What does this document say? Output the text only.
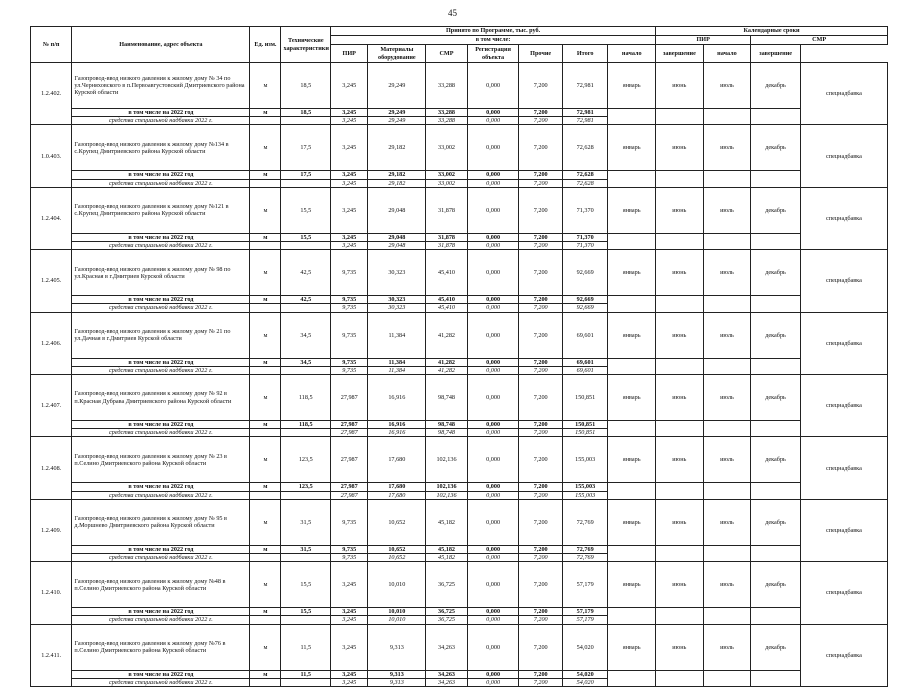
45
№ п/п	Наименование, адрес объекта	Ед. изм.	Технические характеристики	Принято по Программе, тыс. руб.							Календарные сроки			
				в том числе:							ПИР		СМР	
				ПИР	Материалы оборудование	СМР	Регистрация объекта	Прочие	Итого	начало	завершение	начало	завершение	
1.2.402.	Газопровод-ввод низкого давления к жилому дому № 34 по ул.Черняховского в п.Первоавгустовский Дмитриевского района Курской области	м	18,5	3,245	29,249	33,288	0,000	7,200	72,981	январь	июнь	июль	декабрь	спецнадбавка
	в том числе на 2022 год	м	18,5	3,245	29,249	33,288	0,000	7,200	72,981					
	средства специальной надбавки 2022 г.			3,245	29,249	33,288	0,000	7,200	72,981					
1.0.403.	Газопровод-ввод низкого давления к жилому дому №134 в с.Крупец Дмитриевского района Курской области	м	17,5	3,245	29,182	33,002	0,000	7,200	72,628	январь	июнь	июль	декабрь	спецнадбавка
	в том числе на 2022 год	м	17,5	3,245	29,182	33,002	0,000	7,200	72,628					
	средства специальной надбавки 2022 г.			3,245	29,182	33,002	0,000	7,200	72,628					
1.2.404.	Газопровод-ввод низкого давления к жилому дому №121 в с.Крупец Дмитриевского района Курской области	м	15,5	3,245	29,048	31,878	0,000	7,200	71,370	январь	июнь	июль	декабрь	спецнадбавка
	в том числе на 2022 год	м	15,5	3,245	29,048	31,878	0,000	7,200	71,370					
	средства специальной надбавки 2022 г.			3,245	29,048	31,878	0,000	7,200	71,370					
1.2.405.	Газопровод-ввод низкого давления к жилому дому № 98 по ул.Красная в г.Дмитриев Курской области	м	42,5	9,735	30,323	45,410	0,000	7,200	92,669	январь	июнь	июль	декабрь	спецнадбавка
	в том числе на 2022 год	м	42,5	9,735	30,323	45,410	0,000	7,200	92,669					
	средства специальной надбавки 2022 г.			9,735	30,323	45,410	0,000	7,200	92,669					
1.2.406.	Газопровод-ввод низкого давления к жилому дому № 21 по ул.Дачная в г.Дмитриев Курской области	м	34,5	9,735	11,384	41,282	0,000	7,200	69,601	январь	июнь	июль	декабрь	спецнадбавка
	в том числе на 2022 год	м	34,5	9,735	11,384	41,282	0,000	7,200	69,601					
	средства специальной надбавки 2022 г.			9,735	11,384	41,282	0,000	7,200	69,601					
1.2.407.	Газопровод-ввод низкого давления к жилому дому № 92 в п.Красная Дубрава Дмитриевского района Курской области	м	118,5	27,987	16,916	98,748	0,000	7,200	150,851	январь	июнь	июль	декабрь	спецнадбавка
	в том числе на 2022 год	м	118,5	27,987	16,916	98,748	0,000	7,200	150,851					
	средства специальной надбавки 2022 г.			27,987	16,916	98,748	0,000	7,200	150,851					
1.2.408.	Газопровод-ввод низкого давления к жилому дому № 23 в п.Селино Дмитриевского района Курской области	м	123,5	27,987	17,680	102,136	0,000	7,200	155,003	январь	июнь	июль	декабрь	спецнадбавка
	в том числе на 2022 год	м	123,5	27,987	17,680	102,136	0,000	7,200	155,003					
	средства специальной надбавки 2022 г.			27,987	17,680	102,136	0,000	7,200	155,003					
1.2.409.	Газопровод-ввод низкого давления к жилому дому № 95 в д.Моршнево Дмитриевского района Курской области	м	31,5	9,735	10,652	45,182	0,000	7,200	72,769	январь	июнь	июль	декабрь	спецнадбавка
	в том числе на 2022 год	м	31,5	9,735	10,652	45,182	0,000	7,200	72,769					
	средства специальной надбавки 2022 г.			9,735	10,652	45,182	0,000	7,200	72,769					
1.2.410.	Газопровод-ввод низкого давления к жилому дому №48 в п.Селино Дмитриевского района Курской области	м	15,5	3,245	10,010	36,725	0,000	7,200	57,179	январь	июнь	июль	декабрь	спецнадбавка
	в том числе на 2022 год	м	15,5	3,245	10,010	36,725	0,000	7,200	57,179					
	средства специальной надбавки 2022 г.			3,245	10,010	36,725	0,000	7,200	57,179					
1.2.411.	Газопровод-ввод низкого давления к жилому дому №76 в п.Селино Дмитриевского района Курской области	м	11,5	3,245	9,313	34,263	0,000	7,200	54,020	январь	июнь	июль	декабрь	спецнадбавка
	в том числе на 2022 год	м	11,5	3,245	9,313	34,263	0,000	7,200	54,020					
	средства специальной надбавки 2022 г.			3,245	9,313	34,263	0,000	7,200	54,020					
